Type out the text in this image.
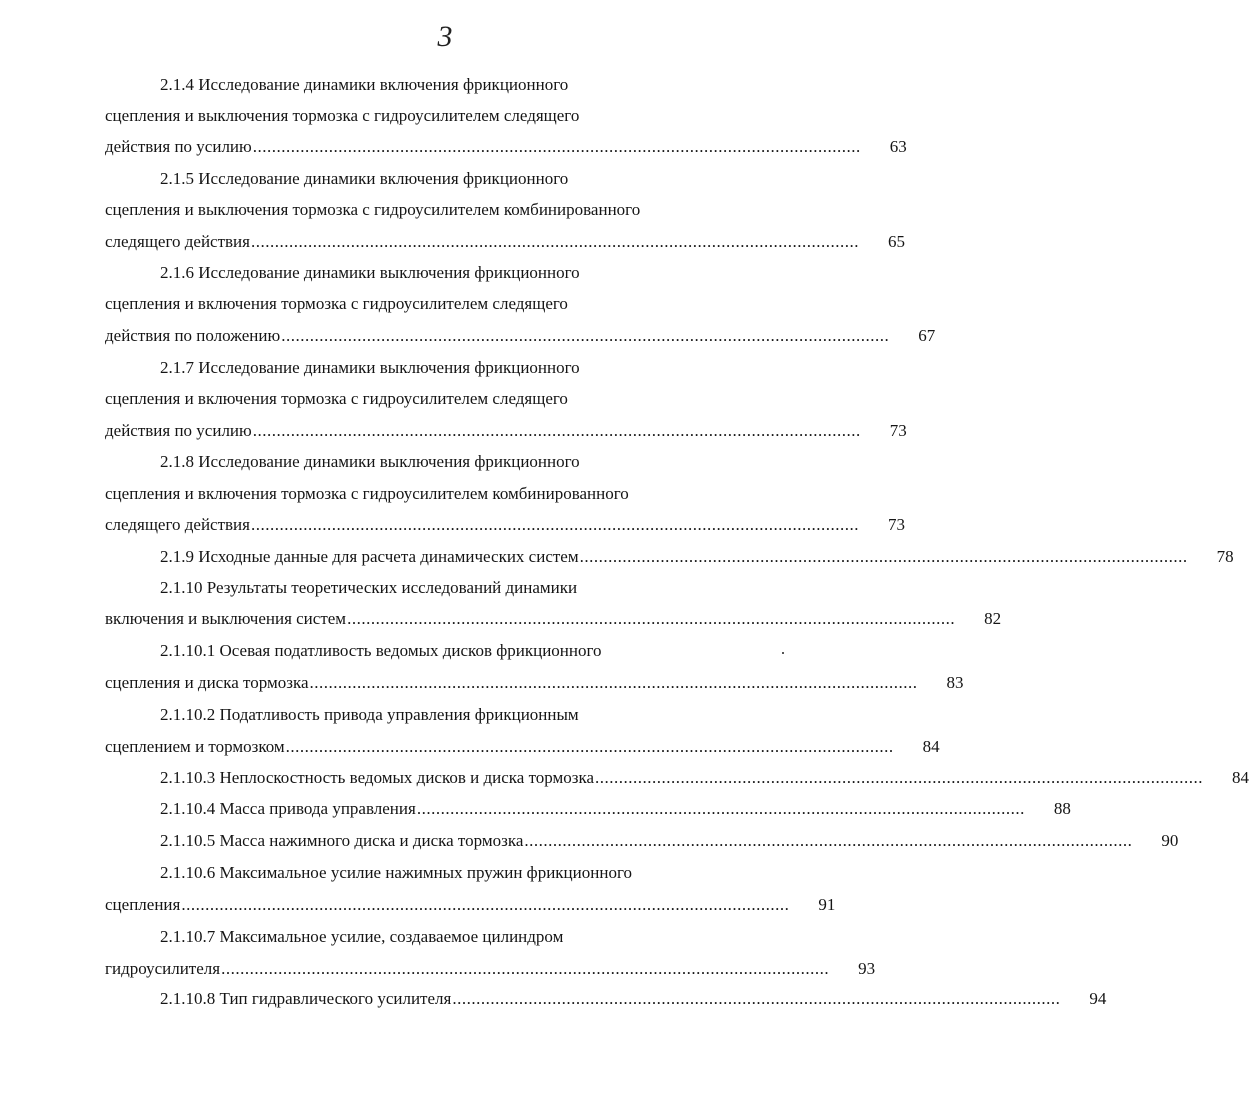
3
2.1.4 Исследование динамики включения фрикционного
сцепления и выключения тормозка с гидроусилителем следящего
действия по усилию ................................................................................................................................	63
2.1.5 Исследование динамики включения фрикционного
сцепления и выключения тормозка с гидроусилителем комбинированного
следящего действия ................................................................................................................................	65
2.1.6 Исследование динамики выключения фрикционного
сцепления и включения тормозка с гидроусилителем следящего
действия по положению ................................................................................................................................	67
2.1.7 Исследование динамики выключения фрикционного
сцепления и включения тормозка с гидроусилителем следящего
действия по усилию ................................................................................................................................	73
2.1.8 Исследование динамики выключения фрикционного
сцепления и включения тормозка с гидроусилителем комбинированного
следящего действия ................................................................................................................................	73
2.1.9 Исходные данные для расчета динамических систем ................................................................................................................................	78
2.1.10 Результаты теоретических исследований динамики
включения и выключения систем ................................................................................................................................	82
2.1.10.1 Осевая податливость ведомых дисков фрикционного
сцепления и диска тормозка ................................................................................................................................	83
2.1.10.2 Податливость привода управления фрикционным
сцеплением и тормозком ................................................................................................................................	84
2.1.10.3 Неплоскостность ведомых дисков и диска тормозка ................................................................................................................................	84
2.1.10.4 Масса привода управления ................................................................................................................................	88
2.1.10.5 Масса нажимного диска и диска тормозка ................................................................................................................................	90
2.1.10.6 Максимальное усилие нажимных пружин фрикционного
сцепления ................................................................................................................................	91
2.1.10.7 Максимальное усилие, создаваемое цилиндром
гидроусилителя ................................................................................................................................	93
2.1.10.8 Тип гидравлического усилителя ................................................................................................................................	94
